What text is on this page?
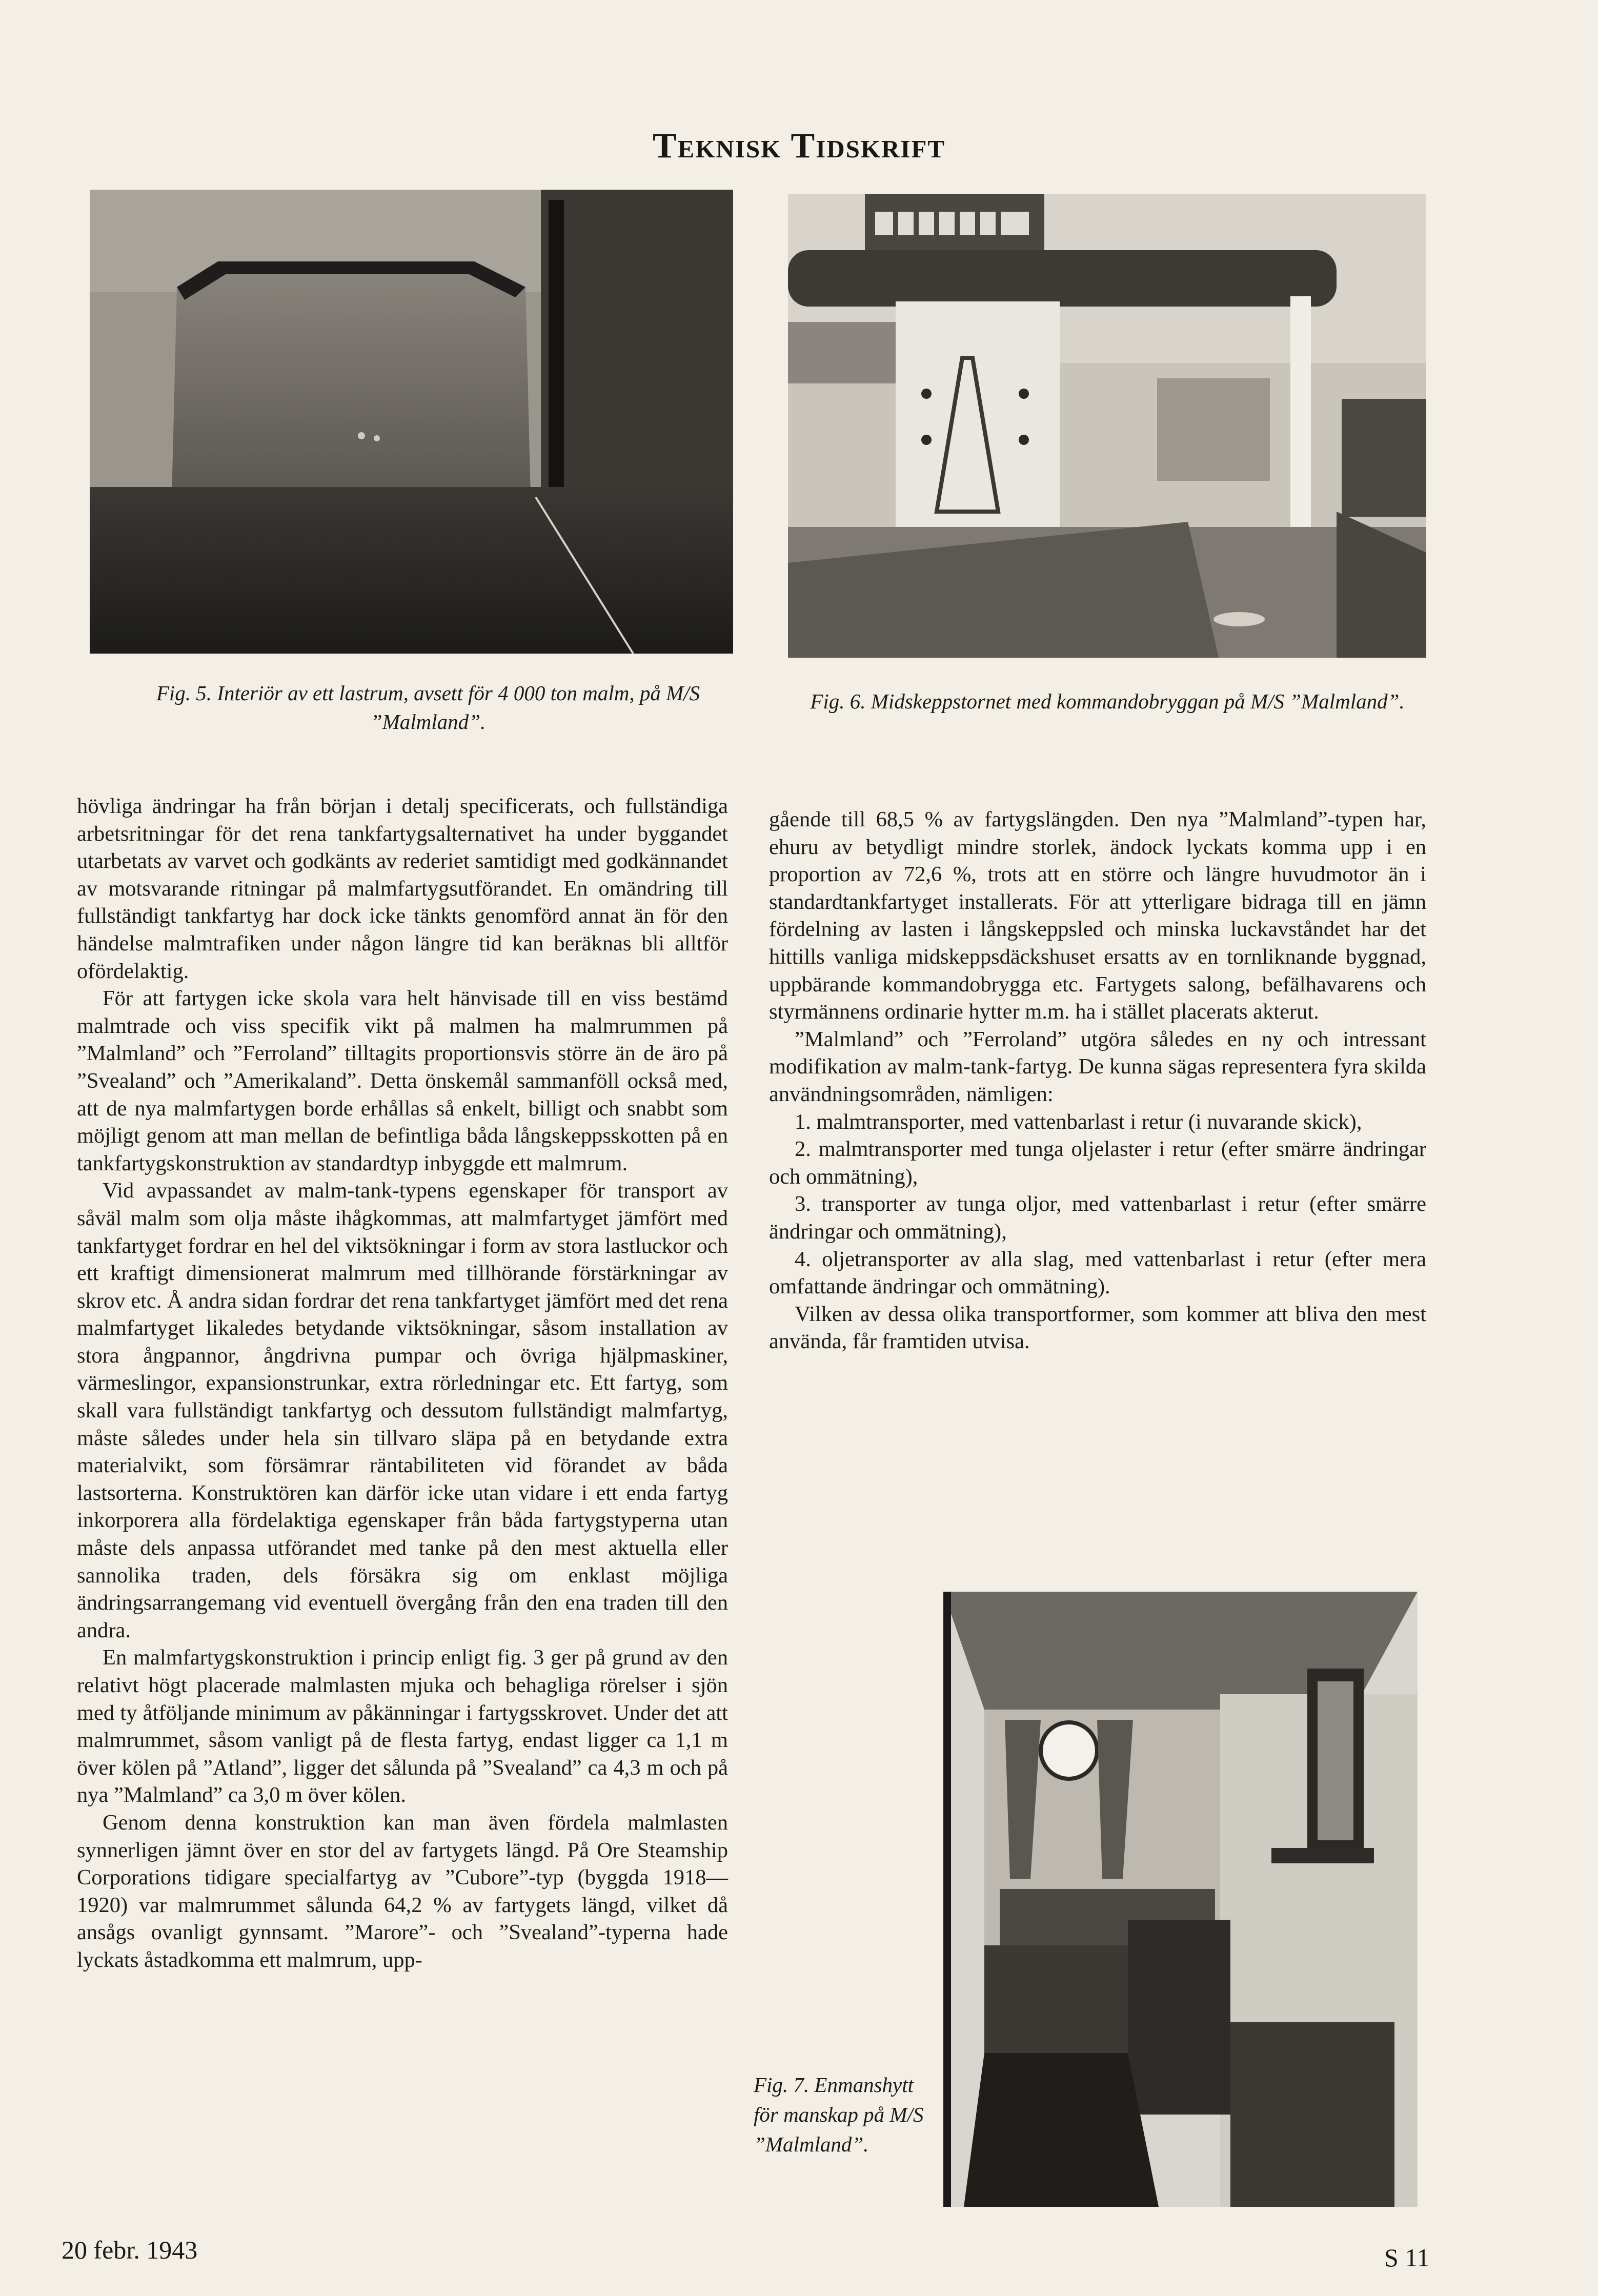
Teknisk Tidskrift
Fig. 5. Interiör av ett lastrum, avsett för 4 000 ton malm, på M/S ”Malmland”.
Fig. 6. Midskeppstornet med kommandobryggan på M/S ”Malmland”.
Fig. 7. Enmanshytt för manskap på M/S ”Malmland”.

hövliga ändringar ha från början i detalj specificerats, och fullständiga arbetsritningar för det rena tankfartygsalternativet ha under byggandet utarbetats av varvet och godkänts av rederiet samtidigt med godkännandet av motsvarande ritningar på malmfartygsutförandet. En omändring till fullständigt tankfartyg har dock icke tänkts genomförd annat än för den händelse malmtrafiken under någon längre tid kan beräknas bli alltför ofördelaktig.

För att fartygen icke skola vara helt hänvisade till en viss bestämd malmtrade och viss specifik vikt på malmen ha malmrummen på ”Malmland” och ”Ferroland” tilltagits proportionsvis större än de äro på ”Svealand” och ”Amerikaland”. Detta önskemål sammanföll också med, att de nya malmfartygen borde erhållas så enkelt, billigt och snabbt som möjligt genom att man mellan de befintliga båda långskeppsskotten på en tankfartygskonstruktion av standardtyp inbyggde ett malmrum.

Vid avpassandet av malm-tank-typens egenskaper för transport av såväl malm som olja måste ihågkommas, att malmfartyget jämfört med tankfartyget fordrar en hel del viktsökningar i form av stora lastluckor och ett kraftigt dimensionerat malmrum med tillhörande förstärkningar av skrov etc. Å andra sidan fordrar det rena tankfartyget jämfört med det rena malmfartyget likaledes betydande viktsökningar, såsom installation av stora ångpannor, ångdrivna pumpar och övriga hjälpmaskiner, värmeslingor, expansionstrunkar, extra rörledningar etc. Ett fartyg, som skall vara fullständigt tankfartyg och dessutom fullständigt malmfartyg, måste således under hela sin tillvaro släpa på en betydande extra materialvikt, som försämrar räntabiliteten vid förandet av båda lastsorterna. Konstruktören kan därför icke utan vidare i ett enda fartyg inkorporera alla fördelaktiga egenskaper från båda fartygstyperna utan måste dels anpassa utförandet med tanke på den mest aktuella eller sannolika traden, dels försäkra sig om enklast möjliga ändringsarrangemang vid eventuell övergång från den ena traden till den andra.

En malmfartygskonstruktion i princip enligt fig. 3 ger på grund av den relativt högt placerade malmlasten mjuka och behagliga rörelser i sjön med ty åtföljande minimum av påkänningar i fartygsskrovet. Under det att malmrummet, såsom vanligt på de flesta fartyg, endast ligger ca 1,1 m över kölen på ”Atland”, ligger det sålunda på ”Svealand” ca 4,3 m och på nya ”Malmland” ca 3,0 m över kölen.

Genom denna konstruktion kan man även fördela malmlasten synnerligen jämnt över en stor del av fartygets längd. På Ore Steamship Corporations tidigare specialfartyg av ”Cubore”-typ (byggda 1918—1920) var malmrummet sålunda 64,2 % av fartygets längd, vilket då ansågs ovanligt gynnsamt. ”Marore”- och ”Svealand”-typerna hade lyckats åstadkomma ett malmrum, upp-

gående till 68,5 % av fartygslängden. Den nya ”Malmland”-typen har, ehuru av betydligt mindre storlek, ändock lyckats komma upp i en proportion av 72,6 %, trots att en större och längre huvudmotor än i standardtankfartyget installerats. För att ytterligare bidraga till en jämn fördelning av lasten i långskeppsled och minska luckavståndet har det hittills vanliga midskeppsdäckshuset ersatts av en tornliknande byggnad, uppbärande kommandobrygga etc. Fartygets salong, befälhavarens och styrmännens ordinarie hytter m.m. ha i stället placerats akterut.

”Malmland” och ”Ferroland” utgöra således en ny och intressant modifikation av malm-tank-fartyg. De kunna sägas representera fyra skilda användningsområden, nämligen:

1. malmtransporter, med vattenbarlast i retur (i nuvarande skick),

2. malmtransporter med tunga oljelaster i retur (efter smärre ändringar och ommätning),

3. transporter av tunga oljor, med vattenbarlast i retur (efter smärre ändringar och ommätning),

4. oljetransporter av alla slag, med vattenbarlast i retur (efter mera omfattande ändringar och ommätning).

Vilken av dessa olika transportformer, som kommer att bliva den mest använda, får framtiden utvisa.

20 febr. 1943	S 11
